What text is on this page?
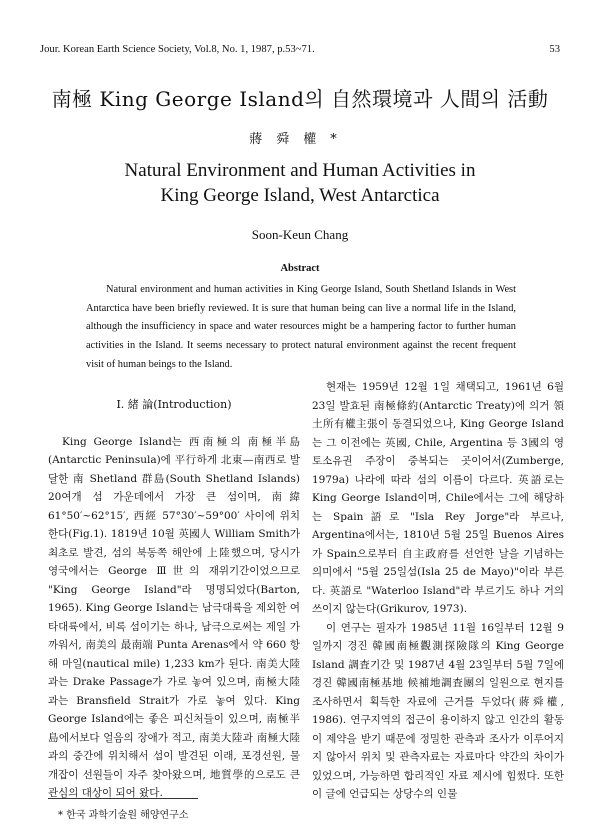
Jour. Korean Earth Science Society, Vol.8, No. 1, 1987, p.53~71.	53
南極 King George Island의 自然環境과 人間의 活動
蔣舜權*
Natural Environment and Human Activities in
King George Island, West Antarctica
Soon-Keun Chang
Abstract

Natural environment and human activities in King George Island, South Shetland Islands in West Antarctica have been briefly reviewed. It is sure that human being can live a normal life in the Island, although the insufficiency in space and water resources might be a hampering factor to further human activities in the Island. It seems necessary to protect natural environment against the recent frequent visit of human beings to the Island.

I. 緒 論(Introduction)

King George Island는 西南極의 南極半島(Antarctic Peninsula)에 平行하게 北東—南西로 발달한 南 Shetland 群島(South Shetland Islands) 20여개 섬 가운데에서 가장 큰 섬이며, 南緯 61°50′~62°15′, 西經 57°30′~59°00′ 사이에 위치한다(Fig.1). 1819년 10월 英國人 William Smith가 최초로 발견, 섬의 북동쪽 해안에 上陸했으며, 당시가 영국에서는 George Ⅲ世의 재위기간이었으므로 "King George Island"라 명명되었다(Barton, 1965). King George Island는 남극대륙을 제외한 여타대륙에서, 비록 섬이기는 하나, 남극으로써는 제일 가까워서, 南美의 最南端 Punta Arenas에서 약 660 항해 마일(nautical mile) 1,233 km가 된다. 南美大陸과는 Drake Passage가 가로 놓여 있으며, 南極大陸과는 Bransfield Strait가 가로 놓여 있다. King George Island에는 좋은 피신처들이 있으며, 南極半島에서보다 얼음의 장애가 적고, 南美大陸과 南極大陸과의 중간에 위치해서 섬이 발견된 이래, 포경선원, 물개잡이 선원들이 자주 찾아왔으며, 地質學的으로도 큰 관심의 대상이 되어 왔다.

현재는 1959년 12월 1일 채택되고, 1961년 6월 23일 발효된 南極條約(Antarctic Treaty)에 의거 領土所有權主張이 동결되었으나, King George Island는 그 이전에는 英國, Chile, Argentina 등 3國의 영토소유권 주장이 중복되는 곳이어서(Zumberge, 1979a) 나라에 따라 섬의 이름이 다르다. 英語로는 King George Island이며, Chile에서는 그에 해당하는 Spain語로 "Isla Rey Jorge"라 부르나, Argentina에서는, 1810년 5월 25일 Buenos Aires가 Spain으로부터 自主政府를 선언한 날을 기념하는 의미에서 "5월 25일섬(Isla 25 de Mayo)"이라 부른다. 英語로 "Waterloo Island"라 부르기도 하나 거의 쓰이지 않는다(Grikurov, 1973).

이 연구는 필자가 1985년 11월 16일부터 12월 9일까지 경진 韓國南極觀測探險隊의 King George Island 調査기간 및 1987년 4월 23일부터 5월 7일에 경진 韓國南極基地 候補地調査團의 일원으로 현지를 조사하면서 획득한 자료에 근거를 두었다(蔣舜權, 1986). 연구지역의 접근이 용이하지 않고 인간의 활동이 제약을 받기 때문에 정밀한 관측과 조사가 이루어지지 않아서 위치 및 관측자료는 자료마다 약간의 차이가 있었으며, 가능하면 합리적인 자료 제시에 힘썼다. 또한 이 글에 언급되는 상당수의 인물

* 한국 과학기술원 해양연구소
